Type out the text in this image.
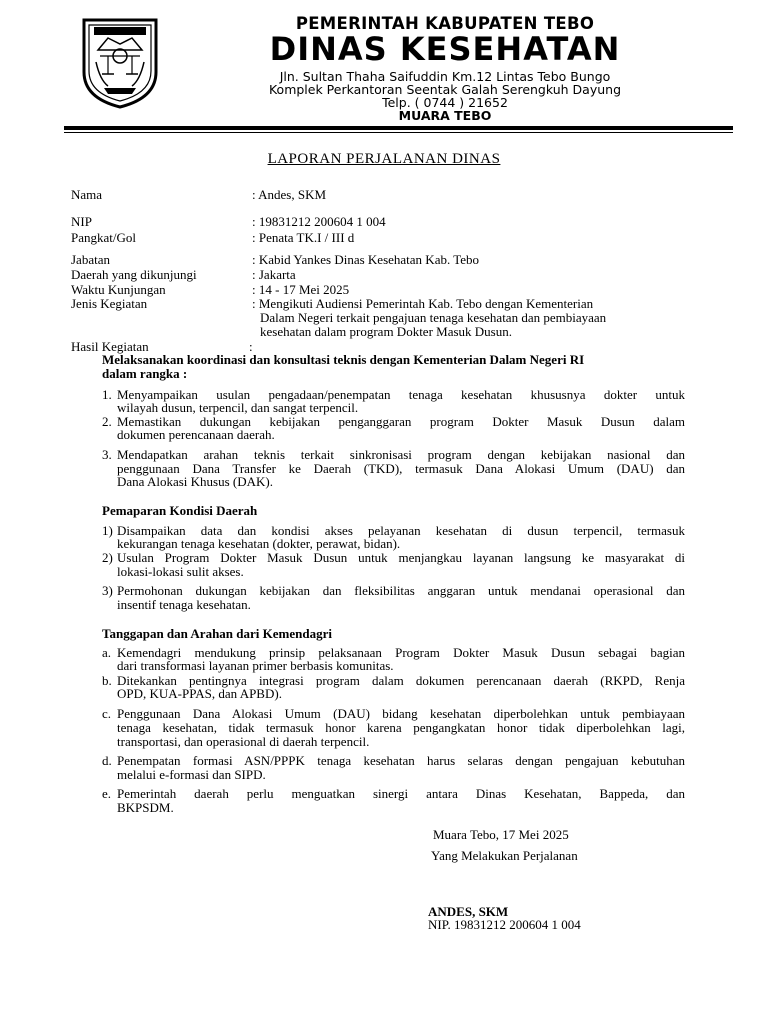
PEMERINTAH KABUPATEN TEBO
DINAS KESEHATAN
Jln. Sultan Thaha Saifuddin Km.12 Lintas Tebo Bungo
Komplek Perkantoran Seentak Galah Serengkuh Dayung
Telp. ( 0744 ) 21652
MUARA TEBO
LAPORAN PERJALANAN DINAS
Nama	: Andes, SKM
NIP	: 19831212 200604 1 004
Pangkat/Gol	: Penata TK.I / III d
Jabatan	: Kabid Yankes Dinas Kesehatan Kab. Tebo
Daerah yang dikunjungi	: Jakarta
Waktu Kunjungan	: 14 - 17 Mei 2025
Jenis Kegiatan	: Mengikuti Audiensi Pemerintah Kab. Tebo dengan Kementerian
Dalam Negeri terkait pengajuan tenaga kesehatan dan pembiayaan
kesehatan dalam program Dokter Masuk Dusun.
Hasil Kegiatan	:
Melaksanakan koordinasi dan konsultasi teknis dengan Kementerian Dalam Negeri RI
dalam rangka :
1. Menyampaikan usulan pengadaan/penempatan tenaga kesehatan khususnya dokter untuk
wilayah dusun, terpencil, dan sangat terpencil.
2. Memastikan dukungan kebijakan penganggaran program Dokter Masuk Dusun dalam
dokumen perencanaan daerah.
3. Mendapatkan arahan teknis terkait sinkronisasi program dengan kebijakan nasional dan
penggunaan Dana Transfer ke Daerah (TKD), termasuk Dana Alokasi Umum (DAU) dan
Dana Alokasi Khusus (DAK).
Pemaparan Kondisi Daerah
1) Disampaikan data dan kondisi akses pelayanan kesehatan di dusun terpencil, termasuk
kekurangan tenaga kesehatan (dokter, perawat, bidan).
2) Usulan Program Dokter Masuk Dusun untuk menjangkau layanan langsung ke masyarakat di
lokasi-lokasi sulit akses.
3) Permohonan dukungan kebijakan dan fleksibilitas anggaran untuk mendanai operasional dan
insentif tenaga kesehatan.
Tanggapan dan Arahan dari Kemendagri
a. Kemendagri mendukung prinsip pelaksanaan Program Dokter Masuk Dusun sebagai bagian
dari transformasi layanan primer berbasis komunitas.
b. Ditekankan pentingnya integrasi program dalam dokumen perencanaan daerah (RKPD, Renja
OPD, KUA-PPAS, dan APBD).
c. Penggunaan Dana Alokasi Umum (DAU) bidang kesehatan diperbolehkan untuk pembiayaan
tenaga kesehatan, tidak termasuk honor karena pengangkatan honor tidak diperbolehkan lagi,
transportasi, dan operasional di daerah terpencil.
d. Penempatan formasi ASN/PPPK tenaga kesehatan harus selaras dengan pengajuan kebutuhan
melalui e-formasi dan SIPD.
e. Pemerintah daerah perlu menguatkan sinergi antara Dinas Kesehatan, Bappeda, dan
BKPSDM.
Muara Tebo, 17 Mei 2025
Yang Melakukan Perjalanan
ANDES, SKM
NIP. 19831212 200604 1 004
